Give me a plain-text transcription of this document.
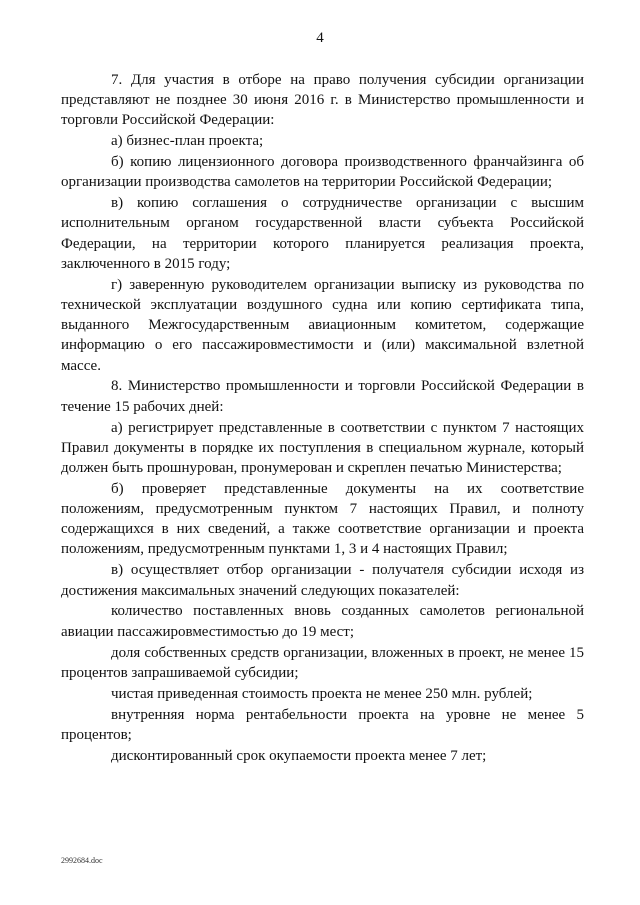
4

7. Для участия в отборе на право получения субсидии организации представляют не позднее 30 июня 2016 г. в Министерство промышленности и торговли Российской Федерации:

а) бизнес-план проекта;

б) копию лицензионного договора производственного франчайзинга об организации производства самолетов на территории Российской Федерации;

в) копию соглашения о сотрудничестве организации с высшим исполнительным органом государственной власти субъекта Российской Федерации, на территории которого планируется реализация проекта, заключенного в 2015 году;

г) заверенную руководителем организации выписку из руководства по технической эксплуатации воздушного судна или копию сертификата типа, выданного Межгосударственным авиационным комитетом, содержащие информацию о его пассажировместимости и (или) максимальной взлетной массе.

8. Министерство промышленности и торговли Российской Федерации в течение 15 рабочих дней:

а) регистрирует представленные в соответствии с пунктом 7 настоящих Правил документы в порядке их поступления в специальном журнале, который должен быть прошнурован, пронумерован и скреплен печатью Министерства;

б) проверяет представленные документы на их соответствие положениям, предусмотренным пунктом 7 настоящих Правил, и полноту содержащихся в них сведений, а также соответствие организации и проекта положениям, предусмотренным пунктами 1, 3 и 4 настоящих Правил;

в) осуществляет отбор организации - получателя субсидии исходя из достижения максимальных значений следующих показателей:

количество поставленных вновь созданных самолетов региональной авиации пассажировместимостью до 19 мест;

доля собственных средств организации, вложенных в проект, не менее 15 процентов запрашиваемой субсидии;

чистая приведенная стоимость проекта не менее 250 млн. рублей;

внутренняя норма рентабельности проекта на уровне не менее 5 процентов;

дисконтированный срок окупаемости проекта менее 7 лет;

2992684.doc
